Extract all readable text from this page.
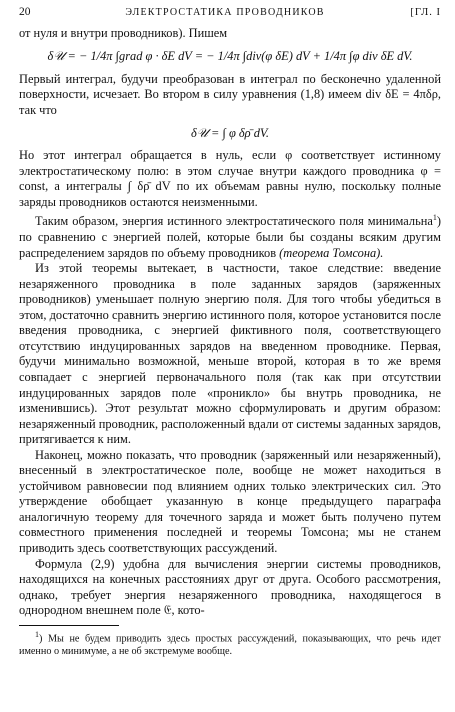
20	ЭЛЕКТРОСТАТИКА ПРОВОДНИКОВ	[ГЛ. I

от нуля и внутри проводников). Пишем

δ𝒰 = − 1/4π ∫grad φ · δE dV = − 1/4π ∫div(φ δE) dV + 1/4π ∫φ div δE dV.

Первый интеграл, будучи преобразован в интеграл по бесконечно удаленной поверхности, исчезает. Во втором в силу уравнения (1,8) имеем div δE = 4πδρ, так что

δ𝒰 = ∫ φ δρ̄ dV.

Но этот интеграл обращается в нуль, если φ соответствует истинному электростатическому полю: в этом случае внутри каждого проводника φ = const, а интегралы ∫ δρ̄ dV по их объемам равны нулю, поскольку полные заряды проводников остаются неизменными.

Таким образом, энергия истинного электростатического поля минимальна$^1$) по сравнению с энергией полей, которые были бы созданы всяким другим распределением зарядов по объему проводников (теорема Томсона).

Из этой теоремы вытекает, в частности, такое следствие: введение незаряженного проводника в поле заданных зарядов (заряженных проводников) уменьшает полную энергию поля. Для того чтобы убедиться в этом, достаточно сравнить энергию истинного поля, которое установится после введения проводника, с энергией фиктивного поля, соответствующего отсутствию индуцированных зарядов на введенном проводнике. Первая, будучи минимально возможной, меньше второй, которая в то же время совпадает с энергией первоначального поля (так как при отсутствии индуцированных зарядов поле «проникло» бы внутрь проводника, не изменившись). Этот результат можно сформулировать и другим образом: незаряженный проводник, расположенный вдали от системы заданных зарядов, притягивается к ним.

Наконец, можно показать, что проводник (заряженный или незаряженный), внесенный в электростатическое поле, вообще не может находиться в устойчивом равновесии под влиянием одних только электрических сил. Это утверждение обобщает указанную в конце предыдущего параграфа аналогичную теорему для точечного заряда и может быть получено путем совместного применения последней и теоремы Томсона; мы не станем приводить здесь соответствующих рассуждений.

Формула (2,9) удобна для вычисления энергии системы проводников, находящихся на конечных расстояниях друг от друга. Особого рассмотрения, однако, требует энергия незаряженного проводника, находящегося в однородном внешнем поле 𝔈, кото-

$^1$) Мы не будем приводить здесь простых рассуждений, показывающих, что речь идет именно о минимуме, а не об экстремуме вообще.
